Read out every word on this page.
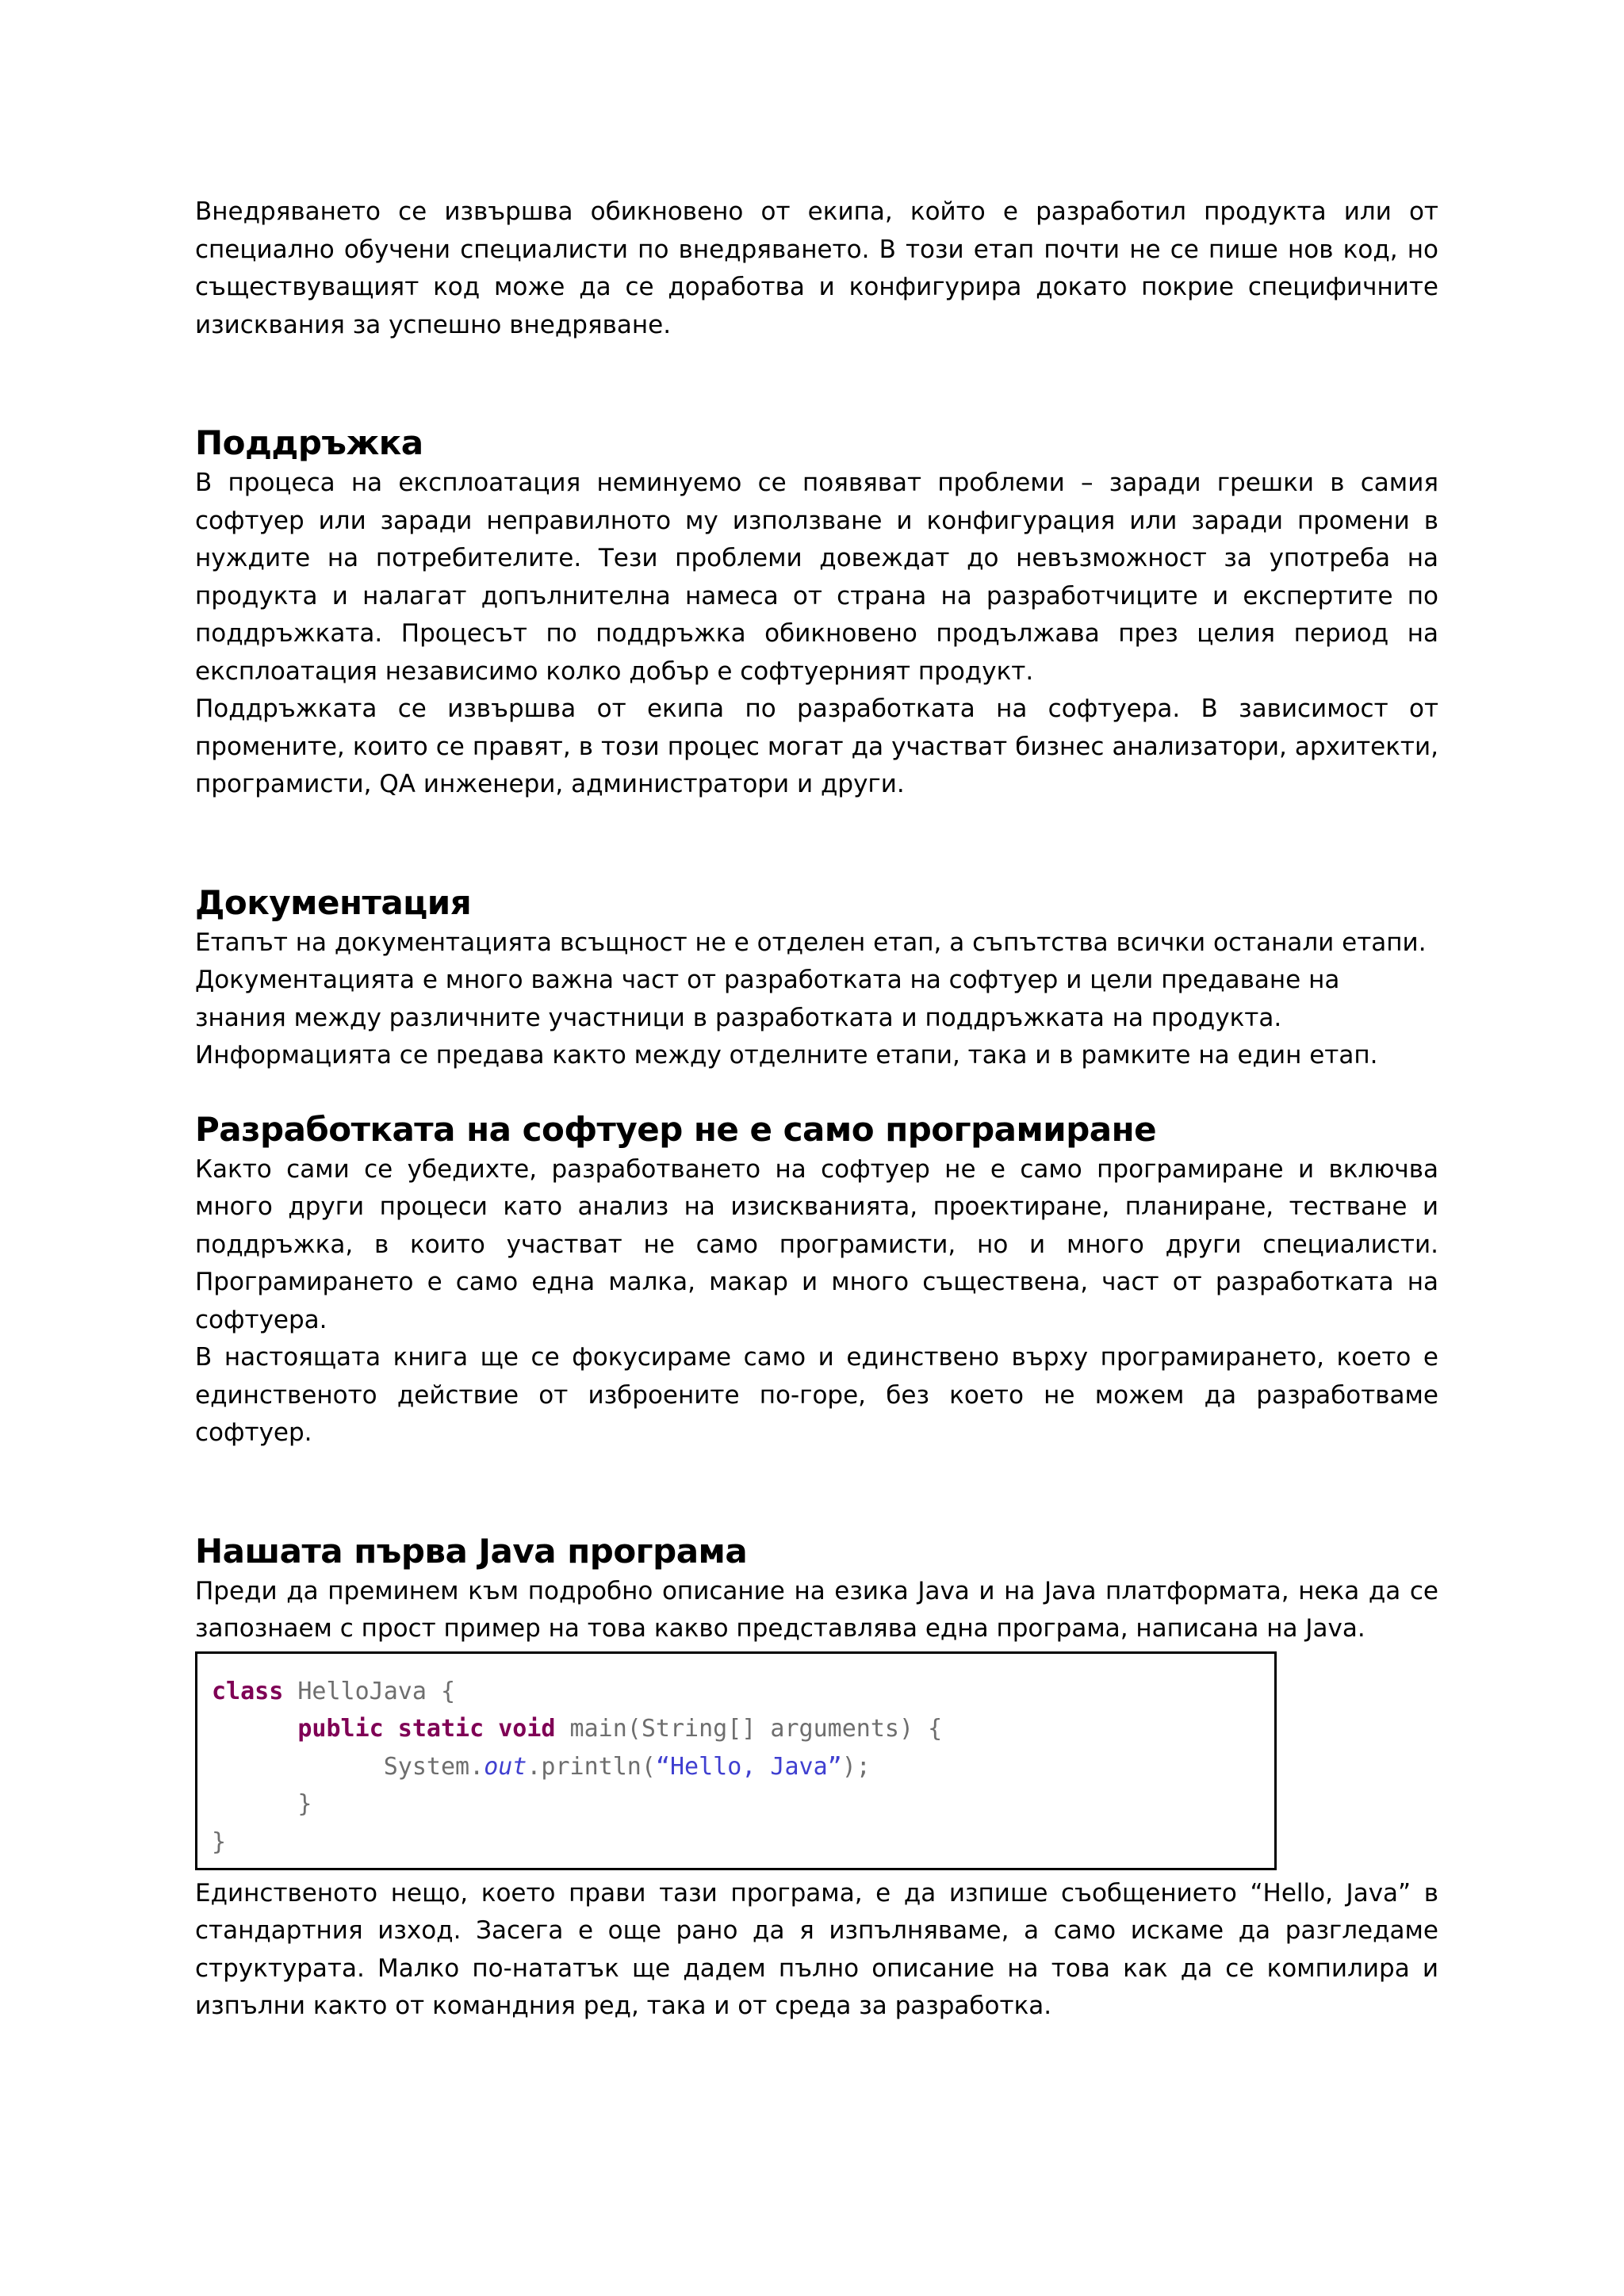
Внедряването се извършва обикновено от екипа, който е разработил продукта или от специално обучени специалисти по внедряването. В този етап почти не се пише нов код, но съществуващият код може да се доработва и конфигурира докато покрие специфичните изисквания за успешно внедряване.

Поддръжка

В процеса на експлоатация неминуемо се появяват проблеми – заради грешки в самия софтуер или заради неправилното му използване и конфигурация или заради промени в нуждите на потребителите. Тези проблеми довеждат до невъзможност за употреба на продукта и налагат допълнителна намеса от страна на разработчиците и експертите по поддръжката. Процесът по поддръжка обикновено продължава през целия период на експлоатация независимо колко добър е софтуерният продукт.

Поддръжката се извършва от екипа по разработката на софтуера. В зависимост от промените, които се правят, в този процес могат да участват бизнес анализатори, архитекти, програмисти, QA инженери, администратори и други.

Документация

Етапът на документацията всъщност не е отделен етап, а съпътства всички останали етапи. Документацията е много важна част от разработката на софтуер и цели предаване на знания между различните участници в разработката и поддръжката на продукта. Информацията се предава както между отделните етапи, така и в рамките на един етап.

Разработката на софтуер не е само програмиране

Както сами се убедихте, разработването на софтуер не е само програмиране и включва много други процеси като анализ на изискванията, проектиране, планиране, тестване и поддръжка, в които участват не само програмисти, но и много други специалисти. Програмирането е само една малка, макар и много съществена, част от разработката на софтуера.

В настоящата книга ще се фокусираме само и единствено върху програмирането, което е единственото действие от изброените по-горе, без което не можем да разработваме софтуер.

Нашата първа Java програма

Преди да преминем към подробно описание на езика Java и на Java платформата, нека да се запознаем с прост пример на това какво представлява една програма, написана на Java.

class HelloJava {
public static void main(String[] arguments) {
System.out.println(“Hello, Java”);
}
}

Единственото нещо, което прави тази програма, е да изпише съобщението “Hello, Java” в стандартния изход. Засега е още рано да я изпълняваме, а само искаме да разгледаме структурата. Малко по-нататък ще дадем пълно описание на това как да се компилира и изпълни както от командния ред, така и от среда за разработка.
